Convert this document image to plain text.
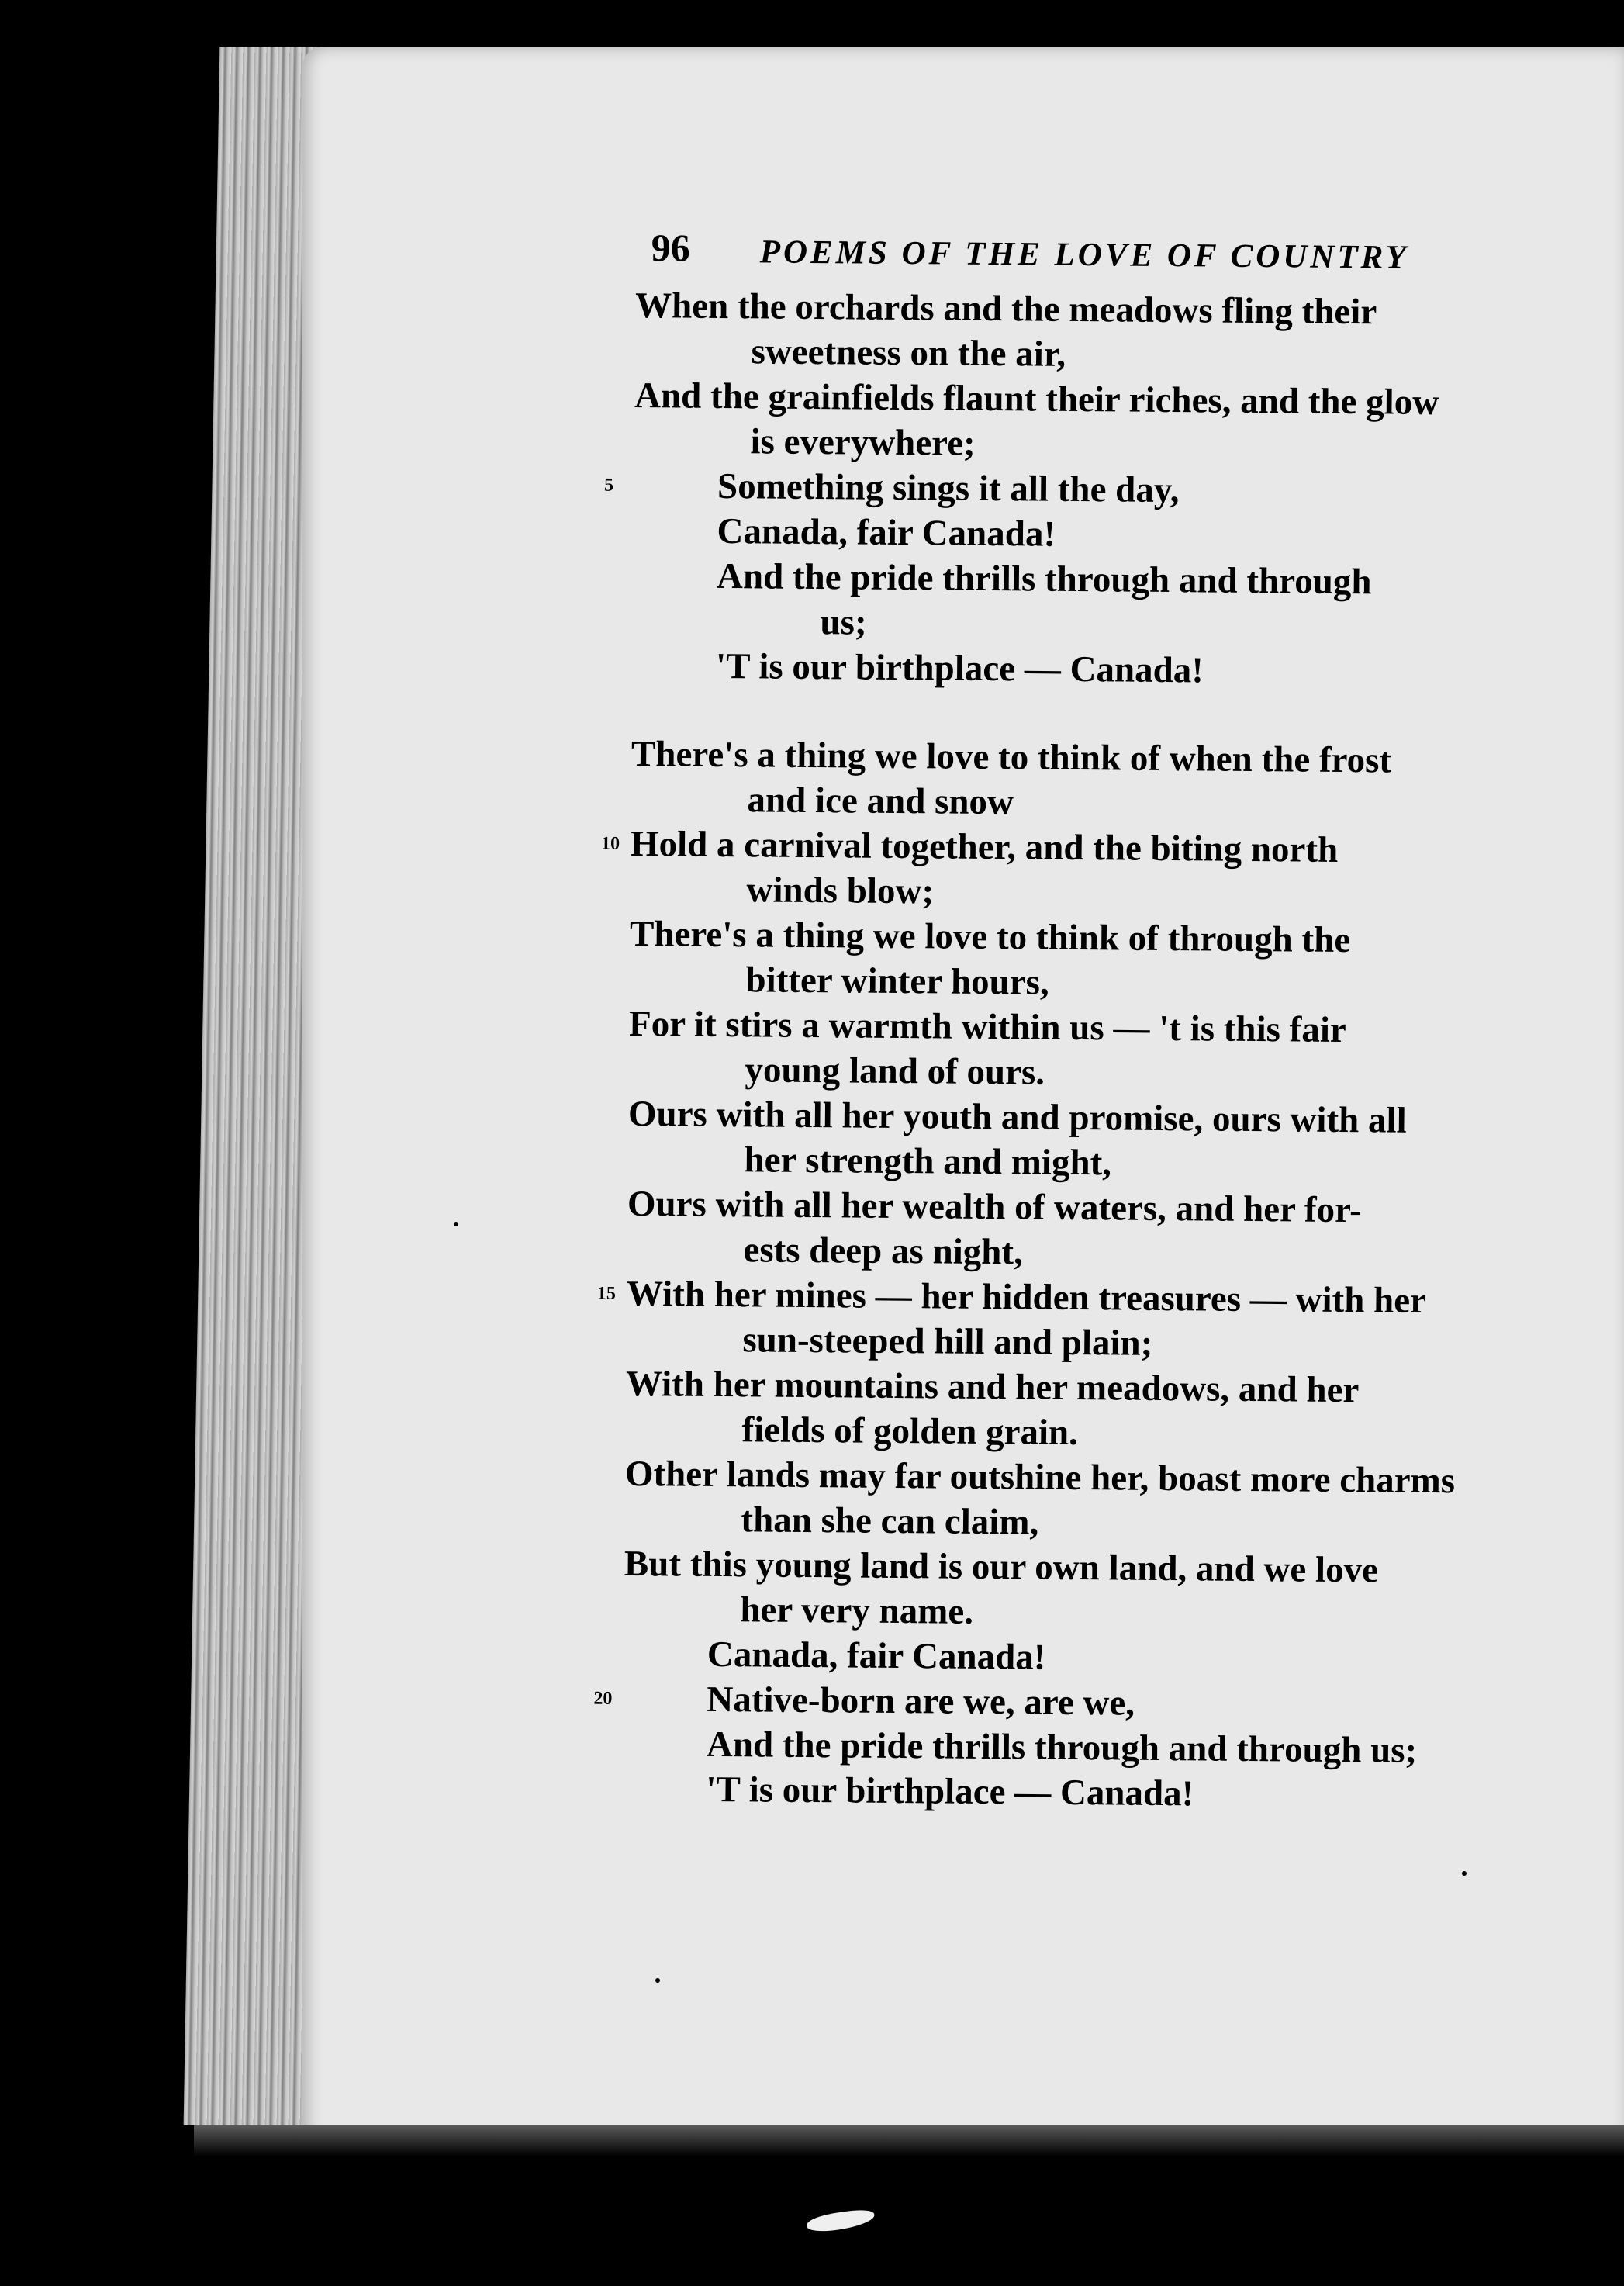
96 POEMS OF THE LOVE OF COUNTRY
When the orchards and the meadows fling their
sweetness on the air,
And the grainfields flaunt their riches, and the glow
is everywhere;
5	Something sings it all the day,
Canada, fair Canada!
And the pride thrills through and through
us;
'T is our birthplace — Canada!
There's a thing we love to think of when the frost
and ice and snow
10 Hold a carnival together, and the biting north
winds blow;
There's a thing we love to think of through the
bitter winter hours,
For it stirs a warmth within us — 't is this fair
young land of ours.
Ours with all her youth and promise, ours with all
her strength and might,
Ours with all her wealth of waters, and her for-
ests deep as night,
15 With her mines — her hidden treasures — with her
sun-steeped hill and plain;
With her mountains and her meadows, and her
fields of golden grain.
Other lands may far outshine her, boast more charms
than she can claim,
But this young land is our own land, and we love
her very name.
Canada, fair Canada!
20	Native-born are we, are we,
And the pride thrills through and through us;
'T is our birthplace — Canada!
